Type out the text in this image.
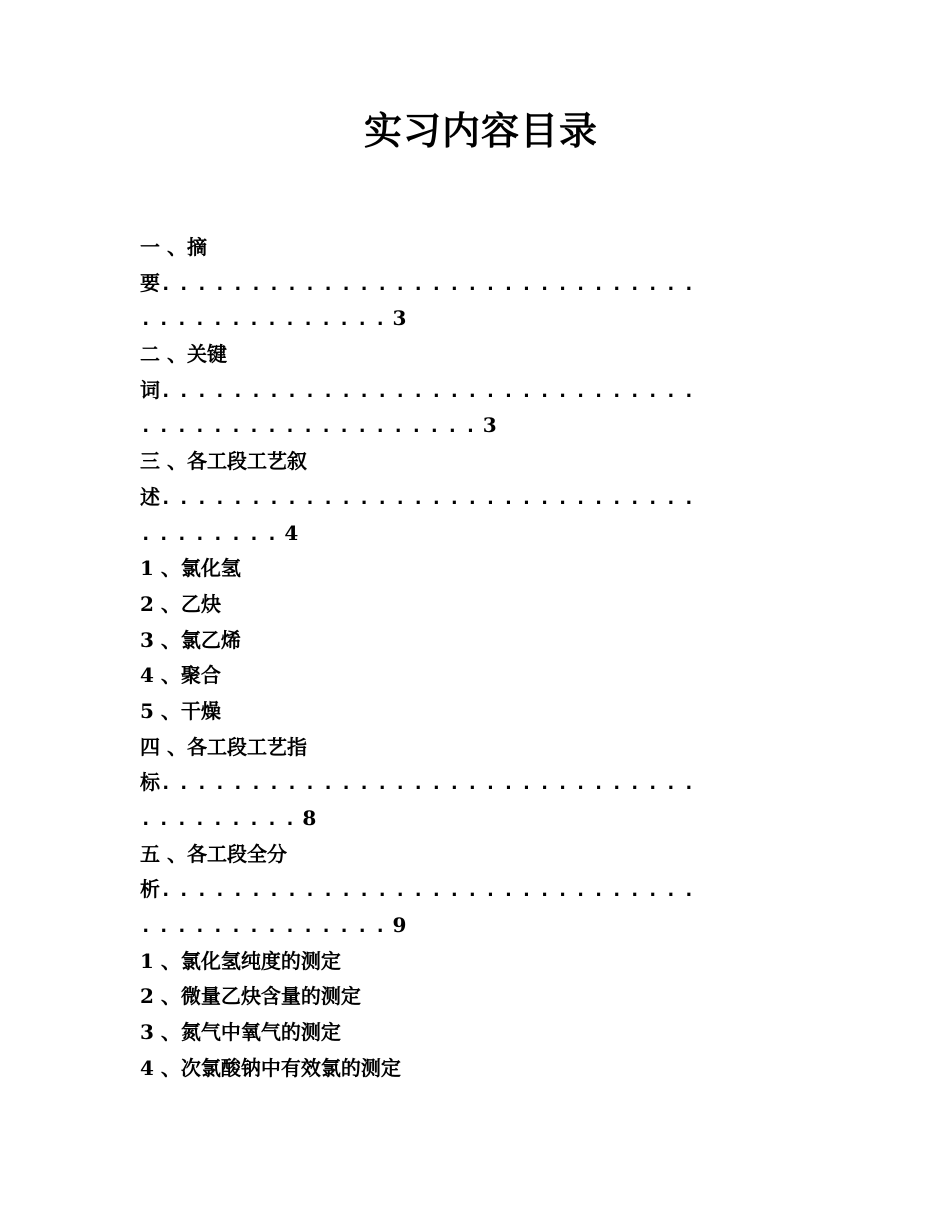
实习内容目录
一 、摘
要..............................
..............3
二 、关键
词..............................
...................3
三 、各工段工艺叙
述..............................
........4
1 、氯化氢
2 、乙炔
3 、氯乙烯
4 、聚合
5 、干燥
四 、各工段工艺指
标..............................
.........8
五 、各工段全分
析..............................
..............9
1 、氯化氢纯度的测定
2 、微量乙炔含量的测定
3 、氮气中氧气的测定
4 、次氯酸钠中有效氯的测定
